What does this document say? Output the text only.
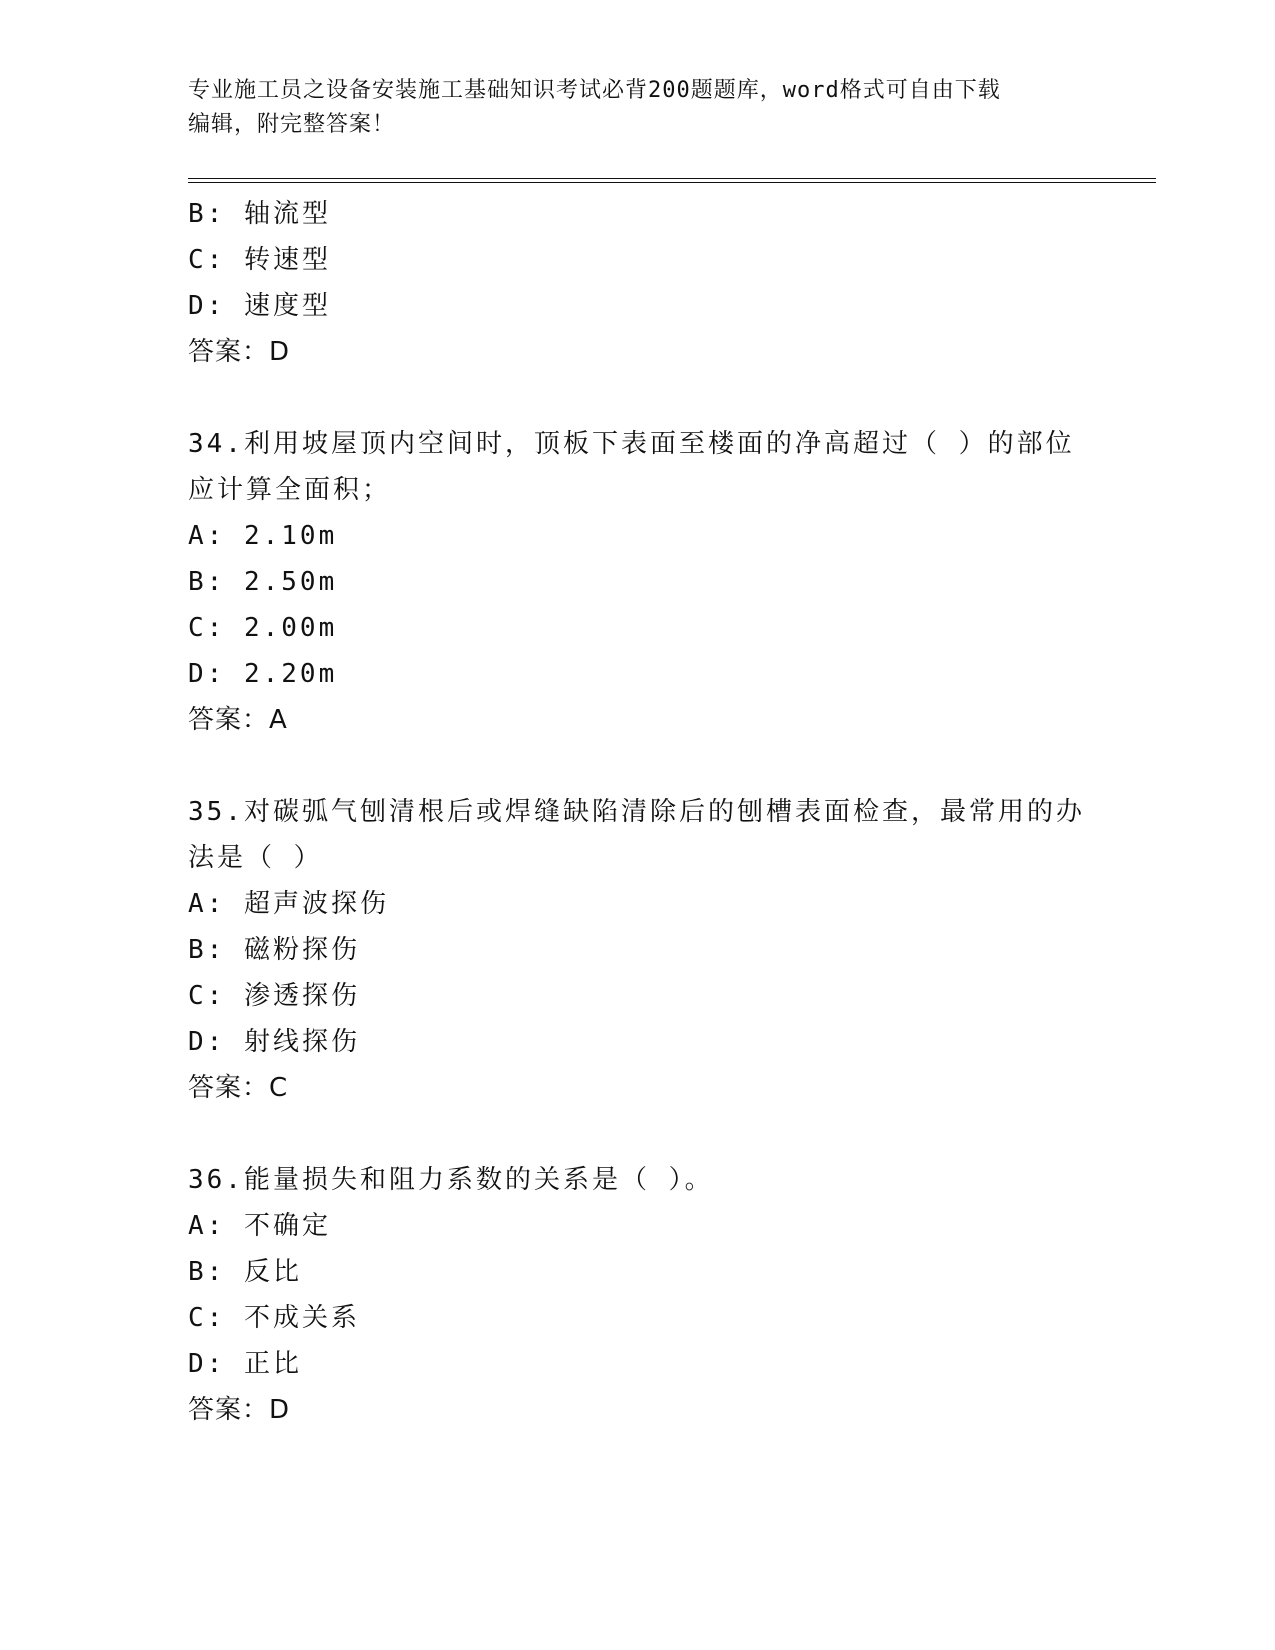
专业施工员之设备安装施工基础知识考试必背200题题库，word格式可自由下载
编辑，附完整答案！
B: 轴流型
C: 转速型
D: 速度型
答案：D
34.利用坡屋顶内空间时，顶板下表面至楼面的净高超过（ ）的部位
应计算全面积；
A: 2.10m
B: 2.50m
C: 2.00m
D: 2.20m
答案：A
35.对碳弧气刨清根后或焊缝缺陷清除后的刨槽表面检查，最常用的办
法是（ ）
A: 超声波探伤
B: 磁粉探伤
C: 渗透探伤
D: 射线探伤
答案：C
36.能量损失和阻力系数的关系是（ ）。
A: 不确定
B: 反比
C: 不成关系
D: 正比
答案：D
